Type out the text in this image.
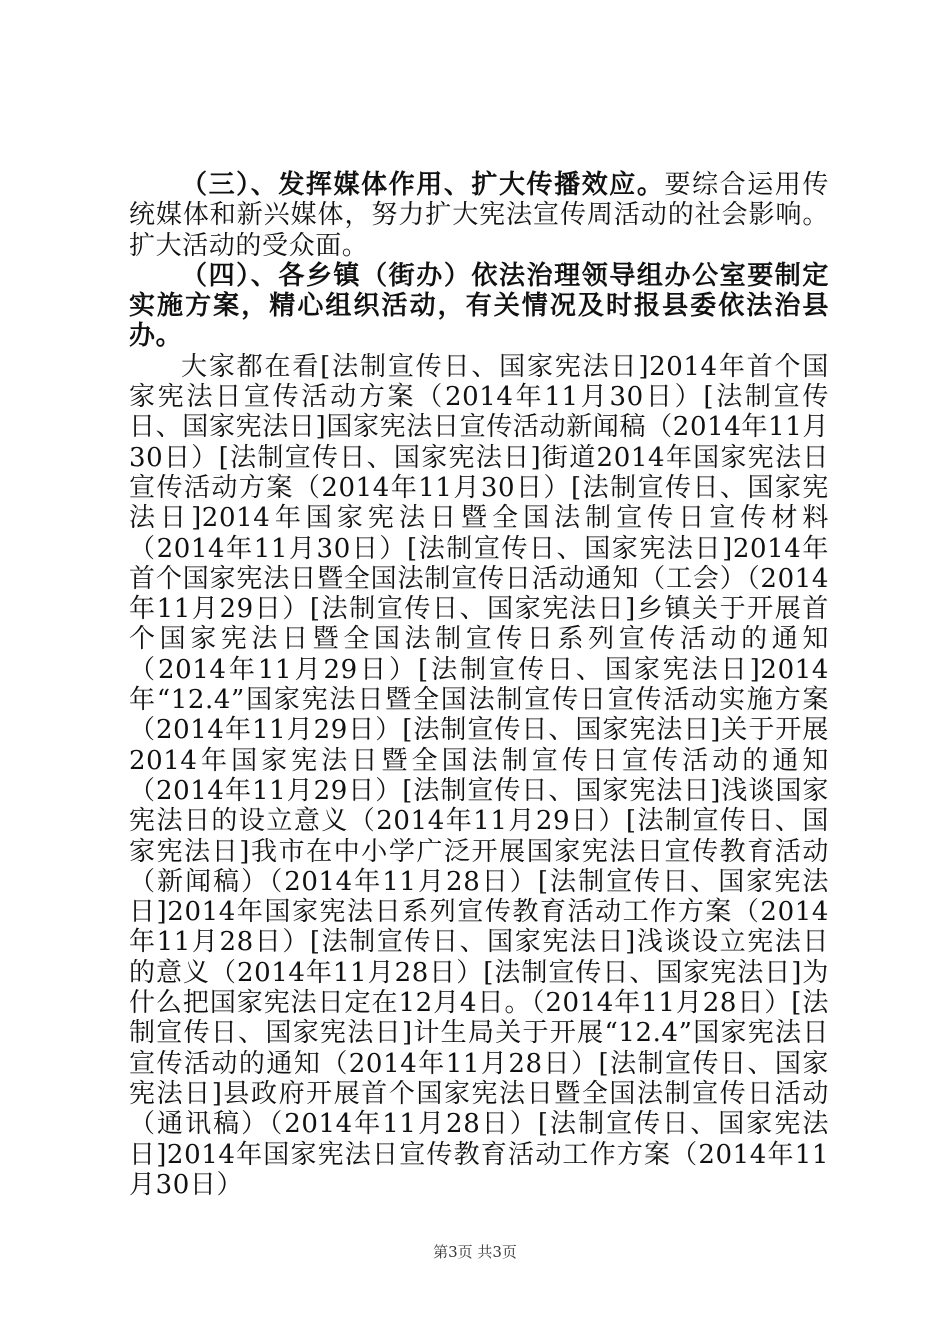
（三）、发挥媒体作用、扩大传播效应。要综合运用传统媒体和新兴媒体，努力扩大宪法宣传周活动的社会影响。扩大活动的受众面。

（四）、各乡镇（街办）依法治理领导组办公室要制定实施方案，精心组织活动，有关情况及时报县委依法治县办。

大家都在看[法制宣传日、国家宪法日]2014年首个国家宪法日宣传活动方案（2014年11月30日）[法制宣传日、国家宪法日]国家宪法日宣传活动新闻稿（2014年11月30日）[法制宣传日、国家宪法日]街道2014年国家宪法日宣传活动方案（2014年11月30日）[法制宣传日、国家宪法日]2014年国家宪法日暨全国法制宣传日宣传材料（2014年11月30日）[法制宣传日、国家宪法日]2014年首个国家宪法日暨全国法制宣传日活动通知（工会）（2014年11月29日）[法制宣传日、国家宪法日]乡镇关于开展首个国家宪法日暨全国法制宣传日系列宣传活动的通知（2014年11月29日）[法制宣传日、国家宪法日]2014年“12.4”国家宪法日暨全国法制宣传日宣传活动实施方案（2014年11月29日）[法制宣传日、国家宪法日]关于开展2014年国家宪法日暨全国法制宣传日宣传活动的通知（2014年11月29日）[法制宣传日、国家宪法日]浅谈国家宪法日的设立意义（2014年11月29日）[法制宣传日、国家宪法日]我市在中小学广泛开展国家宪法日宣传教育活动（新闻稿）（2014年11月28日）[法制宣传日、国家宪法日]2014年国家宪法日系列宣传教育活动工作方案（2014年11月28日）[法制宣传日、国家宪法日]浅谈设立宪法日的意义（2014年11月28日）[法制宣传日、国家宪法日]为什么把国家宪法日定在12月4日。（2014年11月28日）[法制宣传日、国家宪法日]计生局关于开展“12.4”国家宪法日宣传活动的通知（2014年11月28日）[法制宣传日、国家宪法日]县政府开展首个国家宪法日暨全国法制宣传日活动（通讯稿）（2014年11月28日）[法制宣传日、国家宪法日]2014年国家宪法日宣传教育活动工作方案（2014年11月30日）

第3页 共3页
